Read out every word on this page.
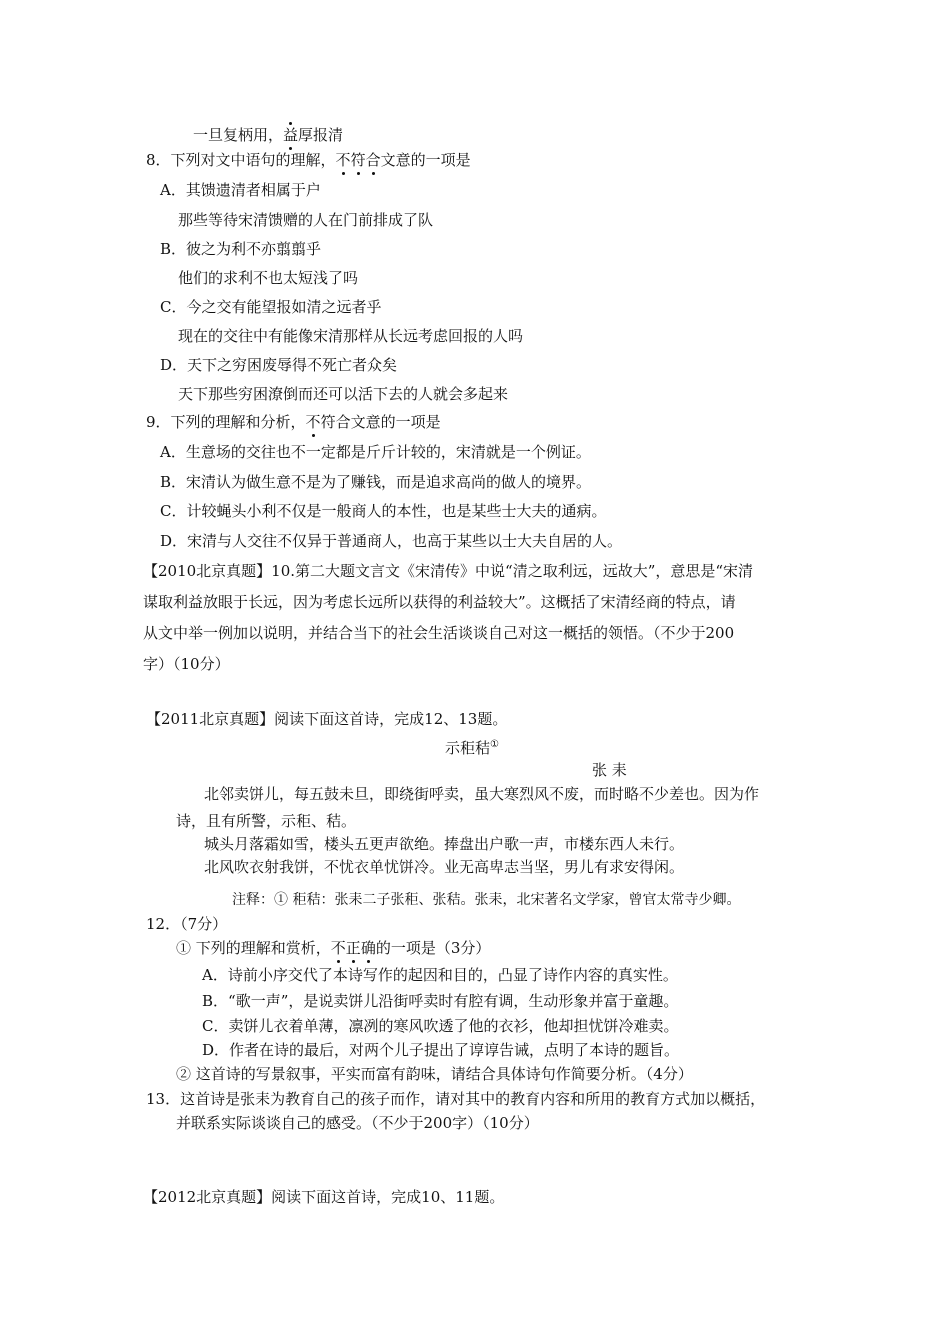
一旦复柄用，益厚报清
8．下列对文中语句的理解，不符合文意的一项是
A．其馈遗清者相属于户
那些等待宋清馈赠的人在门前排成了队
B．彼之为利不亦翦翦乎
他们的求利不也太短浅了吗
C．今之交有能望报如清之远者乎
现在的交往中有能像宋清那样从长远考虑回报的人吗
D．天下之穷困废辱得不死亡者众矣
天下那些穷困潦倒而还可以活下去的人就会多起来
9．下列的理解和分析，不符合文意的一项是
A．生意场的交往也不一定都是斤斤计较的，宋清就是一个例证。
B．宋清认为做生意不是为了赚钱，而是追求高尚的做人的境界。
C．计较蝇头小利不仅是一般商人的本性，也是某些士大夫的通病。
D．宋清与人交往不仅异于普通商人，也高于某些以士大夫自居的人。
【2010北京真题】10.第二大题文言文《宋清传》中说“清之取利远，远故大”，意思是“宋清
谋取利益放眼于长远，因为考虑长远所以获得的利益较大”。这概括了宋清经商的特点，请
从文中举一例加以说明，并结合当下的社会生活谈谈自己对这一概括的领悟。（不少于200
字）（10分）
【2011北京真题】阅读下面这首诗，完成12、13题。
示秬秸①
张 耒
北邻卖饼儿，每五鼓未旦，即绕街呼卖，虽大寒烈风不废，而时略不少差也。因为作
诗，且有所警，示秬、秸。
城头月落霜如雪，楼头五更声欲绝。捧盘出户歌一声，市楼东西人未行。
北风吹衣射我饼，不忧衣单忧饼冷。业无高卑志当坚，男儿有求安得闲。
注释：① 秬秸：张耒二子张秬、张秸。张耒，北宋著名文学家，曾官太常寺少卿。
12．（7分）
① 下列的理解和赏析，不正确的一项是（3分）
A．诗前小序交代了本诗写作的起因和目的，凸显了诗作内容的真实性。
B．“歌一声”，是说卖饼儿沿街呼卖时有腔有调，生动形象并富于童趣。
C．卖饼儿衣着单薄，凛冽的寒风吹透了他的衣衫，他却担忧饼冷难卖。
D．作者在诗的最后，对两个儿子提出了谆谆告诫，点明了本诗的题旨。
② 这首诗的写景叙事，平实而富有韵味，请结合具体诗句作简要分析。（4分）
13．这首诗是张耒为教育自己的孩子而作，请对其中的教育内容和所用的教育方式加以概括，
并联系实际谈谈自己的感受。（不少于200字）（10分）
【2012北京真题】阅读下面这首诗，完成10、11题。
